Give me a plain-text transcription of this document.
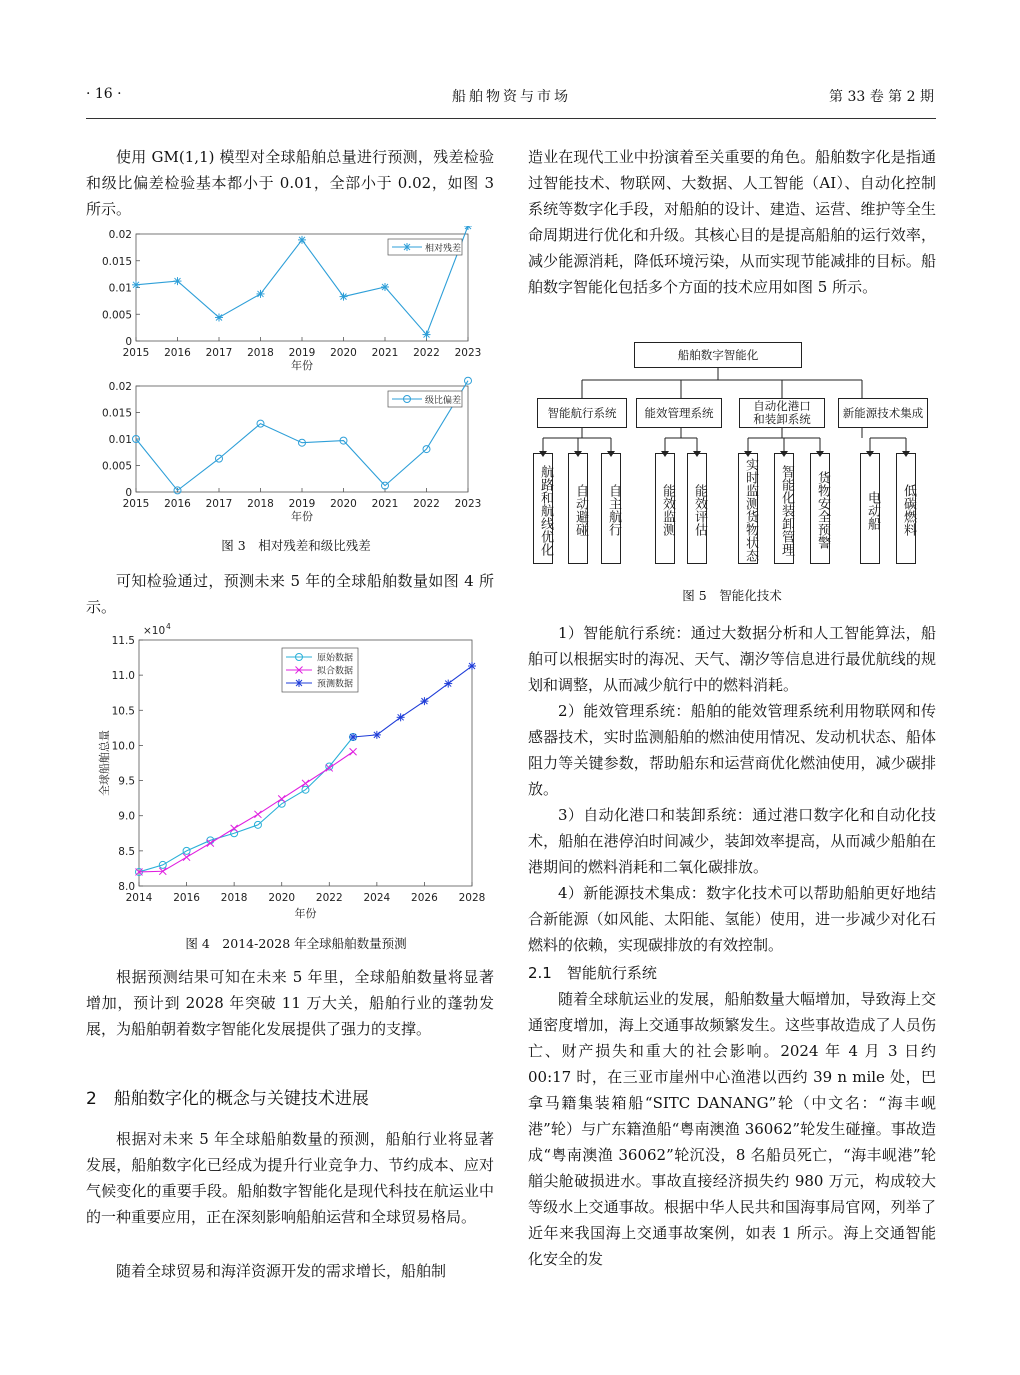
· 16 ·	船舶物资与市场	第 33 卷 第 2 期

使用 GM(1,1) 模型对全球船舶总量进行预测，残差检验和级比偏差检验基本都小于 0.01，全部小于 0.02，如图 3 所示。

0
0.005
0.01
0.015
0.02
2015 2016 2017 2018 2019 2020 2021 2022 2023
年份
相对残差
0
0.005
0.01
0.015
0.02
2015 2016 2017 2018 2019 2020 2021 2022 2023
年份
级比偏差
图 3　相对残差和级比残差

可知检验通过，预测未来 5 年的全球船舶数量如图 4 所示。

8.0
8.5
9.0
9.5
10.0
10.5
11.0
11.5
2014 2016 2018 2020 2022 2024 2026 2028
年份
全球船舶总量
×10 4
原始数据
拟合数据
预测数据
图 4　2014-2028 年全球船舶数量预测

根据预测结果可知在未来 5 年里，全球船舶数量将显著增加，预计到 2028 年突破 11 万大关，船舶行业的蓬勃发展，为船舶朝着数字智能化发展提供了强力的支撑。

2　船舶数字化的概念与关键技术进展

根据对未来 5 年全球船舶数量的预测，船舶行业将显著发展，船舶数字化已经成为提升行业竞争力、节约成本、应对气候变化的重要手段。船舶数字智能化是现代科技在航运业中的一种重要应用，正在深刻影响船舶运营和全球贸易格局。

随着全球贸易和海洋资源开发的需求增长，船舶制

造业在现代工业中扮演着至关重要的角色。船舶数字化是指通过智能技术、物联网、大数据、人工智能（AI）、自动化控制系统等数字化手段，对船舶的设计、建造、运营、维护等全生命周期进行优化和升级。其核心目的是提高船舶的运行效率，减少能源消耗，降低环境污染，从而实现节能减排的目标。船舶数字智能化包括多个方面的技术应用如图 5 所示。

船舶数字智能化
智能航行系统	能效管理系统	自动化港口
和装卸系统	新能源技术集成
航路和航线优化	自动避碰	自主航行	能效监测	能效评估	实时监测货物状态	智能化装卸管理	货物安全预警	电动船	低碳燃料
图 5　智能化技术

1）智能航行系统：通过大数据分析和人工智能算法，船舶可以根据实时的海况、天气、潮汐等信息进行最优航线的规划和调整，从而减少航行中的燃料消耗。

2）能效管理系统：船舶的能效管理系统利用物联网和传感器技术，实时监测船舶的燃油使用情况、发动机状态、船体阻力等关键参数，帮助船东和运营商优化燃油使用，减少碳排放。

3）自动化港口和装卸系统：通过港口数字化和自动化技术，船舶在港停泊时间减少，装卸效率提高，从而减少船舶在港期间的燃料消耗和二氧化碳排放。

4）新能源技术集成：数字化技术可以帮助船舶更好地结合新能源（如风能、太阳能、氢能）使用，进一步减少对化石燃料的依赖，实现碳排放的有效控制。

2.1　智能航行系统

随着全球航运业的发展，船舶数量大幅增加，导致海上交通密度增加，海上交通事故频繁发生。这些事故造成了人员伤亡、财产损失和重大的社会影响。2024 年 4 月 3 日约 00:17 时，在三亚市崖州中心渔港以西约 39 n mile 处，巴拿马籍集装箱船“SITC DANANG”轮（中文名：“海丰岘港”轮）与广东籍渔船“粤南澳渔 36062”轮发生碰撞。事故造成“粤南澳渔 36062”轮沉没，8 名船员死亡，“海丰岘港”轮艏尖舱破损进水。事故直接经济损失约 980 万元，构成较大等级水上交通事故。根据中华人民共和国海事局官网，列举了近年来我国海上交通事故案例，如表 1 所示。海上交通智能化安全的发
